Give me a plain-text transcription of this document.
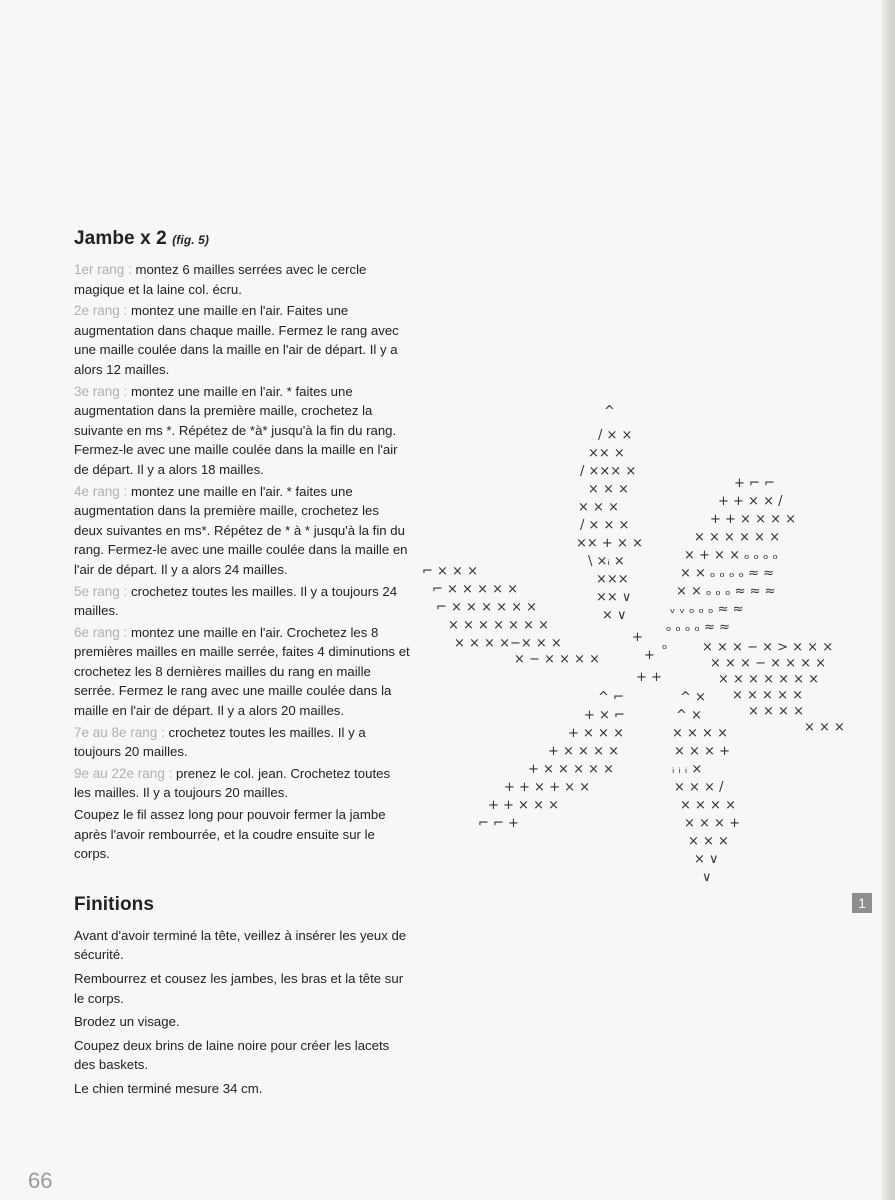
Jambe x 2 (fig. 5)

1er rang : montez 6 mailles serrées avec le cercle magique et la laine col. écru.

2e rang : montez une maille en l'air. Faites une augmentation dans chaque maille. Fermez le rang avec une maille coulée dans la maille en l'air de départ. Il y a alors 12 mailles.

3e rang : montez une maille en l'air. * faites une augmentation dans la première maille, crochetez la suivante en ms *. Répétez de *à* jusqu'à la fin du rang. Fermez-le avec une maille coulée dans la maille en l'air de départ. Il y a alors 18 mailles.

4e rang : montez une maille en l'air. * faites une augmentation dans la première maille, crochetez les deux suivantes en ms*. Répétez de * à * jusqu'à la fin du rang. Fermez-le avec une maille coulée dans la maille en l'air de départ. Il y a alors 24 mailles.

5e rang : crochetez toutes les mailles. Il y a toujours 24 mailles.

6e rang : montez une maille en l'air. Crochetez les 8 premières mailles en maille serrée, faites 4 diminutions et crochetez les 8 dernières mailles du rang en maille serrée. Fermez le rang avec une maille coulée dans la maille en l'air de départ. Il y a alors 20 mailles.

7e au 8e rang : crochetez toutes les mailles. Il y a toujours 20 mailles.

9e au 22e rang : prenez le col. jean. Crochetez toutes les mailles. Il y a toujours 20 mailles.

Coupez le fil assez long pour pouvoir fermer la jambe après l'avoir rembourrée, et la coudre ensuite sur le corps.

Finitions

Avant d'avoir terminé la tête, veillez à insérer les yeux de sécurité.

Rembourrez et cousez les jambes, les bras et la tête sur le corps.

Brodez un visage.

Coupez deux brins de laine noire pour créer les lacets des baskets.

Le chien terminé mesure 34 cm.

^
/ × ×
×× ×
/ ××× ×
× × ×
× × ×
/ × × ×
×× + × ×
\ ×ᵢ ×
×××
×× ∨
× ∨
⌐ × × ×
⌐ × × × × ×
⌐ × × × × × ×
× × × × × × ×
× × × ×−× × ×
× − × × × ×
+ ⌐ ⌐
+ + × × /
+ + × × × ×
× × × × × ×
× + × × ₒ ₒ ₒ ₒ
× × ₒ ₒ ₒ ₒ ≈ ≈
× × ₒ ₒ ₒ ≈ ≈ ≈
ᵥ ᵥ ₒ ₒ ₒ ≈ ≈
ₒ ₒ ₒ ₒ ≈ ≈
× × × − × > × × ×
× × × − × × × ×
× × × × × × ×
× × × × ×
× × × ×
× × ×
^ ⌐
+ × ⌐
+ × × ×
+ × × × ×
+ × × × × ×
+ + × + × ×
+ + × × ×
⌐ ⌐ +
^ ×
^ ×
× × × ×
× × × +
ᵢ ᵢ ᵢ ×
× × × /
× × × ×
× × × +
× × ×
× ∨
∨
+
+
+ +
ₒ
1
66
